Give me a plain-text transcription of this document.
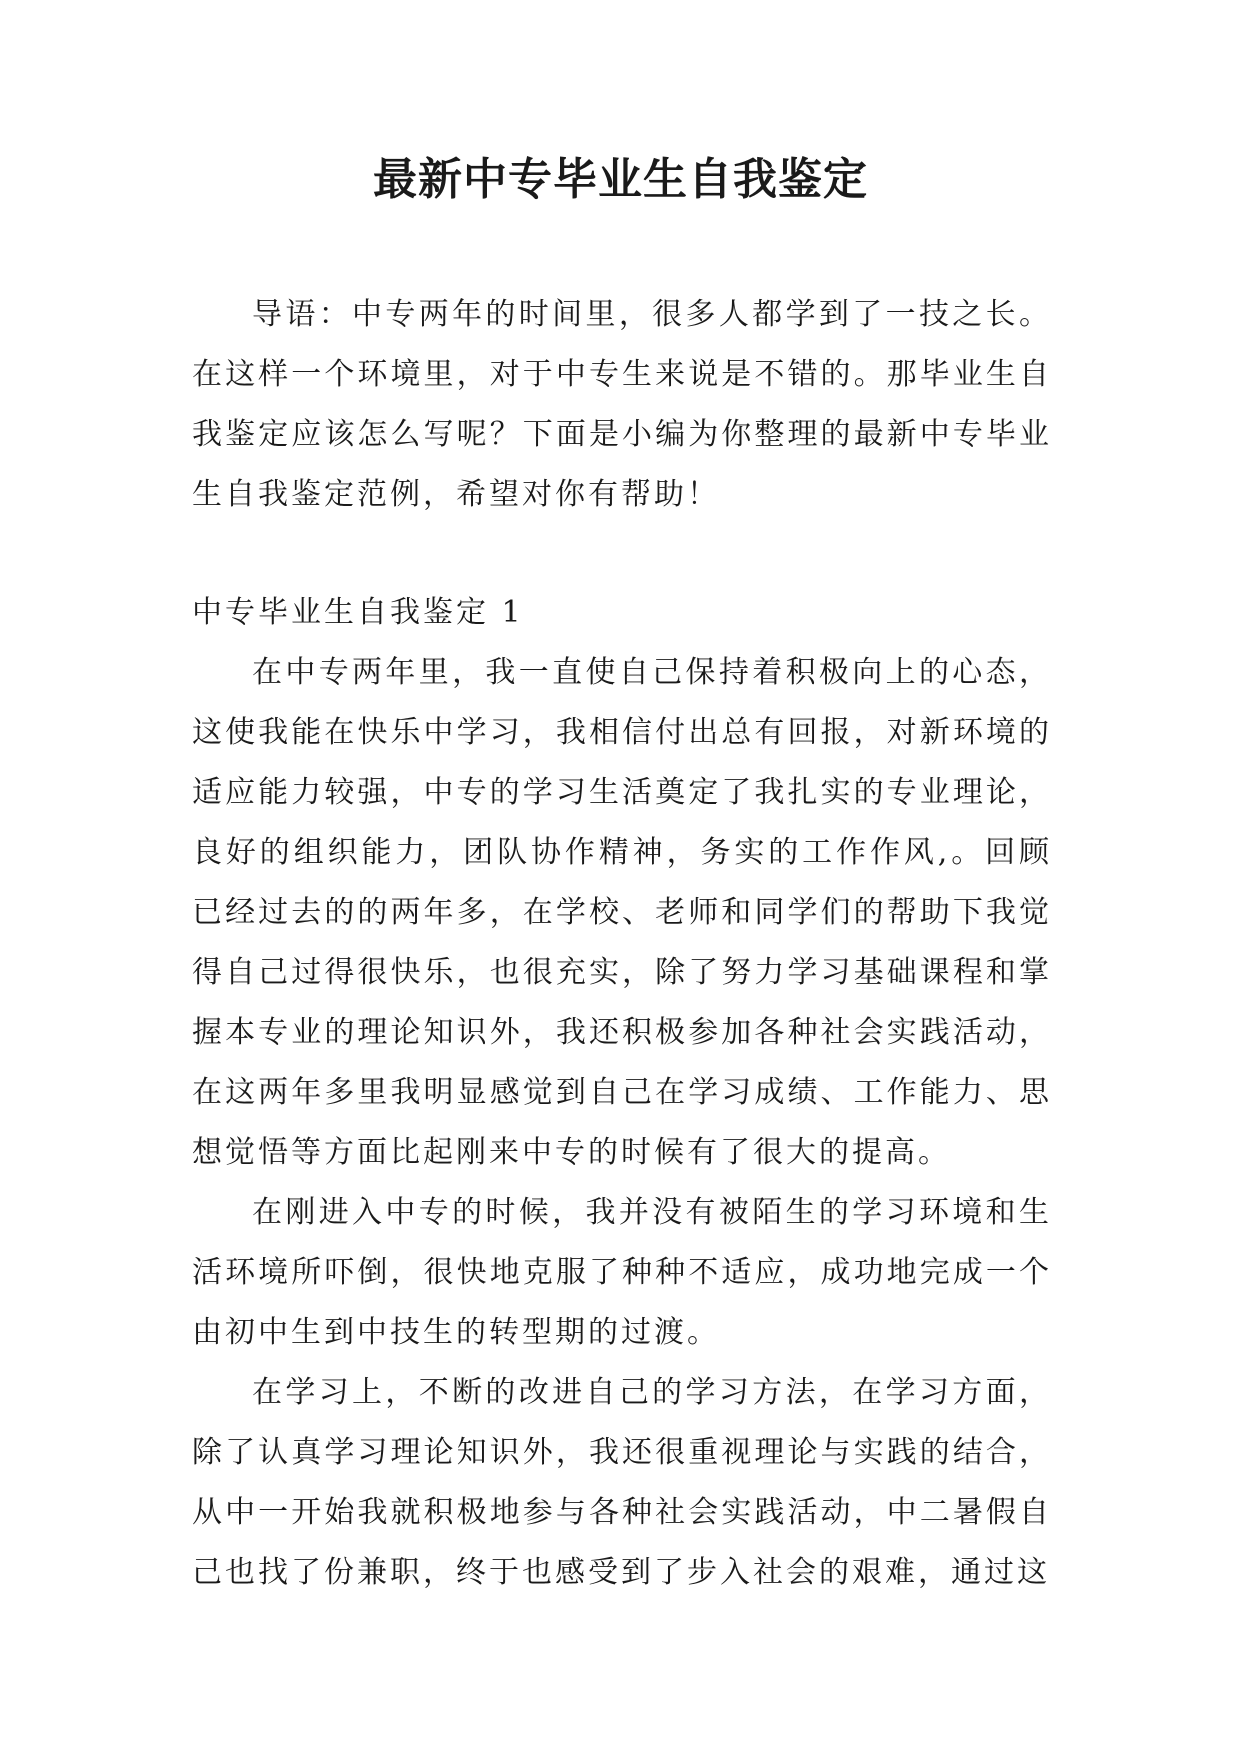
最新中专毕业生自我鉴定

导语：中专两年的时间里，很多人都学到了一技之长。在这样一个环境里，对于中专生来说是不错的。那毕业生自我鉴定应该怎么写呢？下面是小编为你整理的最新中专毕业生自我鉴定范例，希望对你有帮助！

中专毕业生自我鉴定 1

在中专两年里，我一直使自己保持着积极向上的心态，这使我能在快乐中学习，我相信付出总有回报，对新环境的适应能力较强，中专的学习生活奠定了我扎实的专业理论，良好的组织能力，团队协作精神，务实的工作作风,。回顾已经过去的的两年多，在学校、老师和同学们的帮助下我觉得自己过得很快乐，也很充实，除了努力学习基础课程和掌握本专业的理论知识外，我还积极参加各种社会实践活动，在这两年多里我明显感觉到自己在学习成绩、工作能力、思想觉悟等方面比起刚来中专的时候有了很大的提高。

在刚进入中专的时候，我并没有被陌生的学习环境和生活环境所吓倒，很快地克服了种种不适应，成功地完成一个由初中生到中技生的转型期的过渡。

在学习上，不断的改进自己的学习方法，在学习方面，除了认真学习理论知识外，我还很重视理论与实践的结合，从中一开始我就积极地参与各种社会实践活动，中二暑假自己也找了份兼职，终于也感受到了步入社会的艰难，通过这
